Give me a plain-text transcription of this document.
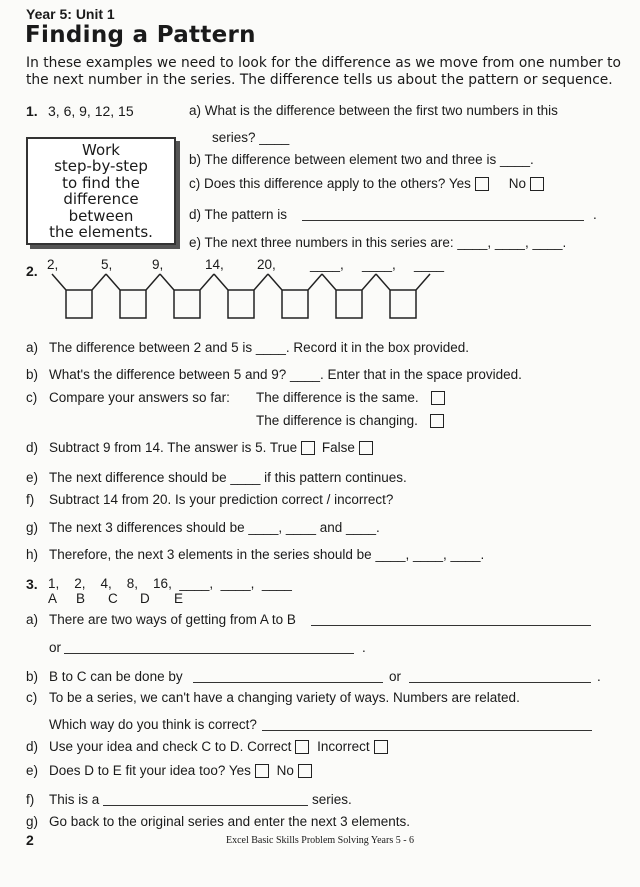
Year 5: Unit 1
Finding a Pattern
In these examples we need to look for the difference as we move from one number to
the next number in the series. The difference tells us about the pattern or sequence.
1. 3, 6, 9, 12, 15
Work
step-by-step
to find the
difference between
the elements.
a) What is the difference between the first two numbers in this
series? ____
b) The difference between element two and three is ____.
c) Does this difference apply to the others? Yes	No
d) The pattern is	.
e) The next three numbers in this series are: ____, ____, ____.
2. 2,	5,	9,	14, 20,	____, ____, ____
a) The difference between 2 and 5 is ____. Record it in the box provided.
b) What's the difference between 5 and 9? ____. Enter that in the space provided.
c) Compare your answers so far: The difference is the same.
The difference is changing.
d) Subtract 9 from 14. The answer is 5. True False
e) The next difference should be ____ if this pattern continues.
f) Subtract 14 from 20. Is your prediction correct / incorrect?
g) The next 3 differences should be ____, ____ and ____.
h) Therefore, the next 3 elements in the series should be ____, ____, ____.
3. 1,    2,    4,    8,    16,  ____,  ____,  ____
A B C D E
a) There are two ways of getting from A to B
or	.
b) B to C can be done by	or	.
c) To be a series, we can't have a changing variety of ways. Numbers are related.
Which way do you think is correct?
d) Use your idea and check C to D. Correct Incorrect
e) Does D to E fit your idea too? Yes No
f) This is a	series.
g) Go back to the original series and enter the next 3 elements.
2	Excel Basic Skills Problem Solving Years 5 - 6
